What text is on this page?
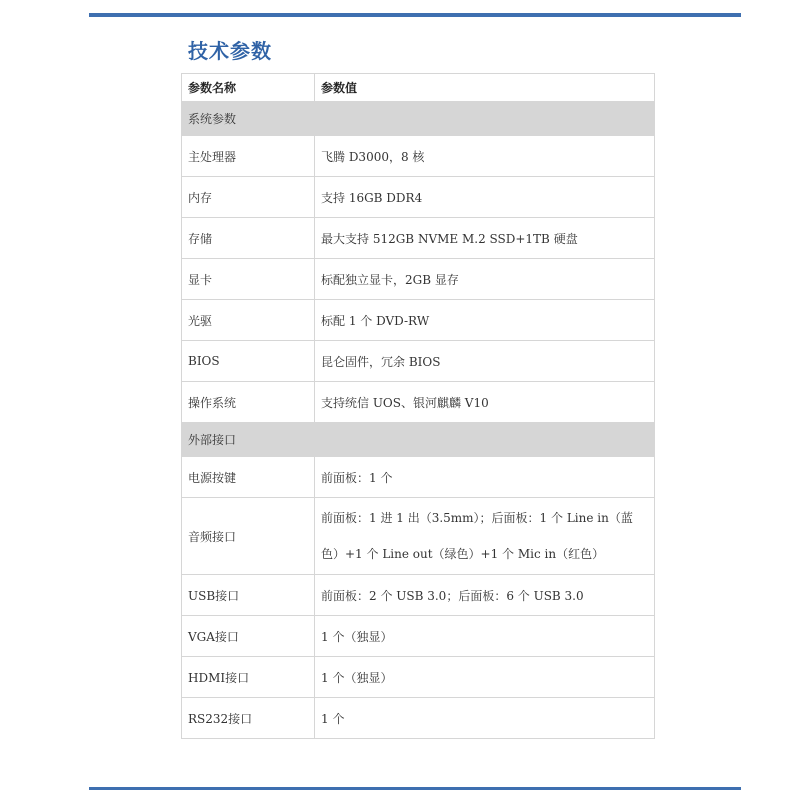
技术参数
参数名称	参数值
系统参数	
主处理器	飞腾 D3000，8 核
内存	支持 16GB DDR4
存储	最大支持 512GB NVME M.2 SSD+1TB 硬盘
显卡	标配独立显卡，2GB 显存
光驱	标配 1 个 DVD-RW
BIOS	昆仑固件，冗余 BIOS
操作系统	支持统信 UOS、银河麒麟 V10
外部接口	
电源按键	前面板：1 个
音频接口	前面板：1 进 1 出（3.5mm）；后面板：1 个 Line in（蓝色）+1 个 Line out（绿色）+1 个 Mic in（红色）
USB接口	前面板：2 个 USB 3.0；后面板：6 个 USB 3.0
VGA接口	1 个（独显）
HDMI接口	1 个（独显）
RS232接口	1 个
